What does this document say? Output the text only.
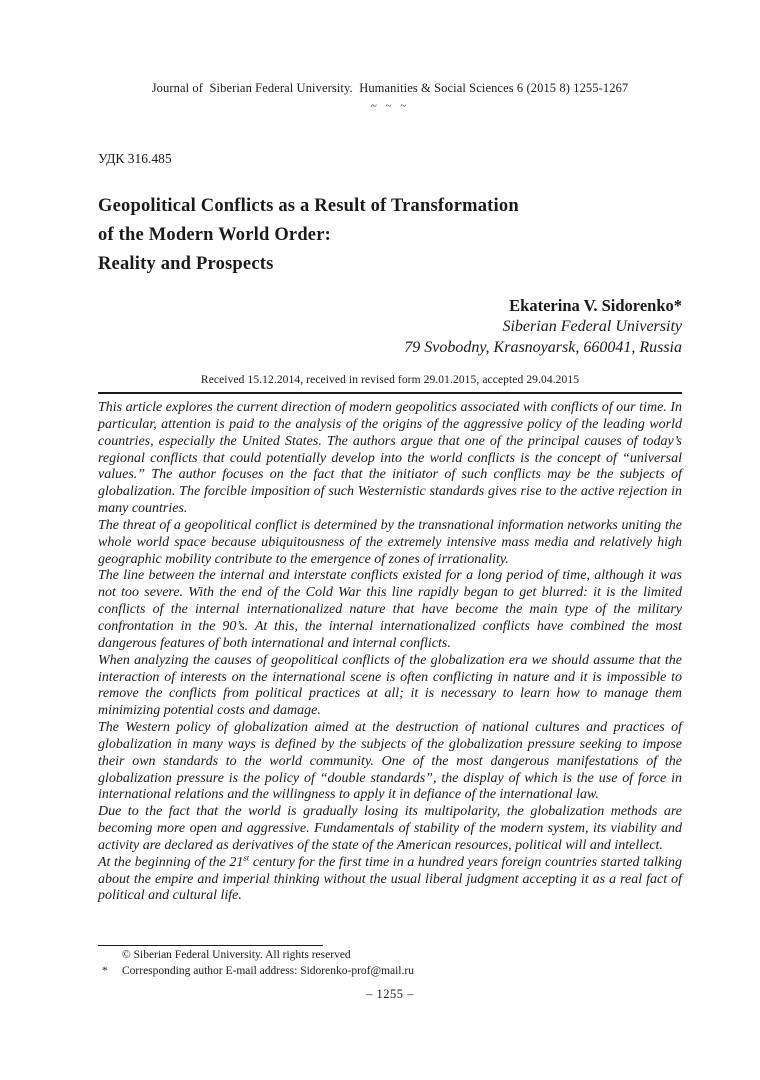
Journal of  Siberian Federal University.  Humanities & Social Sciences 6 (2015 8) 1255-1267
~ ~ ~
УДК 316.485
Geopolitical Conflicts as a Result of Transformation
of the Modern World Order:
Reality and Prospects
Ekaterina V. Sidorenko*
Siberian Federal University
79 Svobodny, Krasnoyarsk, 660041, Russia
Received 15.12.2014, received in revised form 29.01.2015, accepted 29.04.2015

This article explores the current direction of modern geopolitics associated with conflicts of our time. In particular, attention is paid to the analysis of the origins of the aggressive policy of the leading world countries, especially the United States. The authors argue that one of the principal causes of today’s regional conflicts that could potentially develop into the world conflicts is the concept of “universal values.” The author focuses on the fact that the initiator of such conflicts may be the subjects of globalization. The forcible imposition of such Westernistic standards gives rise to the active rejection in many countries.

The threat of a geopolitical conflict is determined by the transnational information networks uniting the whole world space because ubiquitousness of the extremely intensive mass media and relatively high geographic mobility contribute to the emergence of zones of irrationality.

The line between the internal and interstate conflicts existed for a long period of time, although it was not too severe. With the end of the Cold War this line rapidly began to get blurred: it is the limited conflicts of the internal internationalized nature that have become the main type of the military confrontation in the 90’s. At this, the internal internationalized conflicts have combined the most dangerous features of both international and internal conflicts.

When analyzing the causes of geopolitical conflicts of the globalization era we should assume that the interaction of interests on the international scene is often conflicting in nature and it is impossible to remove the conflicts from political practices at all; it is necessary to learn how to manage them minimizing potential costs and damage.

The Western policy of globalization aimed at the destruction of national cultures and practices of globalization in many ways is defined by the subjects of the globalization pressure seeking to impose their own standards to the world community. One of the most dangerous manifestations of the globalization pressure is the policy of “double standards”, the display of which is the use of force in international relations and the willingness to apply it in defiance of the international law.

Due to the fact that the world is gradually losing its multipolarity, the globalization methods are becoming more open and aggressive. Fundamentals of stability of the modern system, its viability and activity are declared as derivatives of the state of the American resources, political will and intellect.

At the beginning of the 21st century for the first time in a hundred years foreign countries started talking about the empire and imperial thinking without the usual liberal judgment accepting it as a real fact of political and cultural life.

© Siberian Federal University. All rights reserved
*	Corresponding author E-mail address: Sidorenko-prof@mail.ru
– 1255 –
